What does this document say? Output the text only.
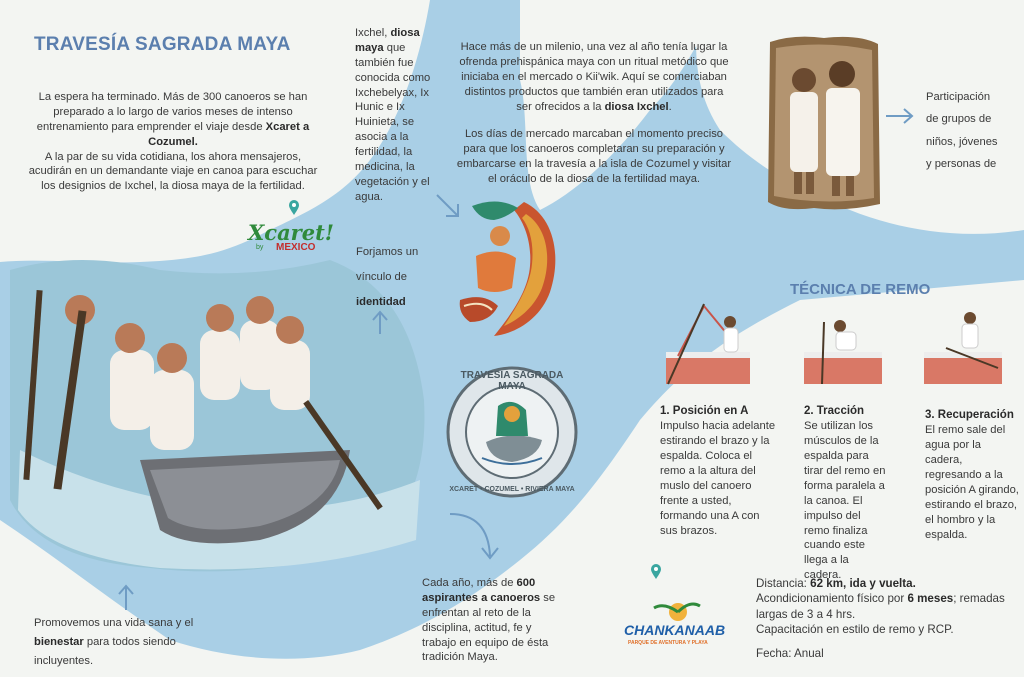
TRAVESÍA SAGRADA MAYA
La espera ha terminado. Más de 300 canoeros se han preparado a lo largo de varios meses de intenso entrenamiento para emprender el viaje desde Xcaret a Cozumel.
A la par de su vida cotidiana, los ahora mensajeros, acudirán en un demandante viaje en canoa para escuchar los designios de Ixchel, la diosa maya de la fertilidad.
Ixchel, diosa maya que también fue conocida como Ixchebelyax, Ix Hunic e Ix Huinieta, se asocia a la fertilidad, la medicina, la vegetación y el agua.
Hace más de un milenio, una vez al año tenía lugar la ofrenda prehispánica maya con un ritual metódico que iniciaba en el mercado o Kii'wik. Aquí se comerciaban distintos productos que también eran utilizados para ser ofrecidos a la diosa Ixchel.
Los días de mercado marcaban el momento preciso para que los canoeros completaran su preparación y embarcarse en la travesía a la isla de Cozumel y visitar el oráculo de la diosa de la fertilidad maya.
Participación
de grupos de
niños, jóvenes
y personas de
Xcaret!
by MEXICO	Forjamos un
vínculo de
identidad
Promovemos una vida sana y el bienestar para todos siendo incluyentes.
TRAVESIA SAGRADA MAYA
XCARET • COZUMEL • RIVIERA MAYA
Cada año, más de 600 aspirantes a canoeros se enfrentan al reto de la disciplina, actitud, fe y trabajo en equipo de ésta tradición Maya.
CHANKANAAB
PARQUE DE AVENTURA Y PLAYA
TÉCNICA DE REMO
1. Posición en A
Impulso hacia adelante estirando el brazo y la espalda. Coloca el remo a la altura del muslo del canoero frente a usted, formando una A con sus brazos.
2. Tracción
Se utilizan los músculos de la espalda para tirar del remo en forma paralela a la canoa. El impulso del remo finaliza cuando este llega a la cadera.
3. Recuperación
El remo sale del agua por la cadera, regresando a la posición A girando, estirando el brazo, el hombro y la espalda.
Distancia: 62 km, ida y vuelta.
Acondicionamiento físico por 6 meses; remadas largas de 3 a 4 hrs.
Capacitación en estilo de remo y RCP.
Fecha: Anual
